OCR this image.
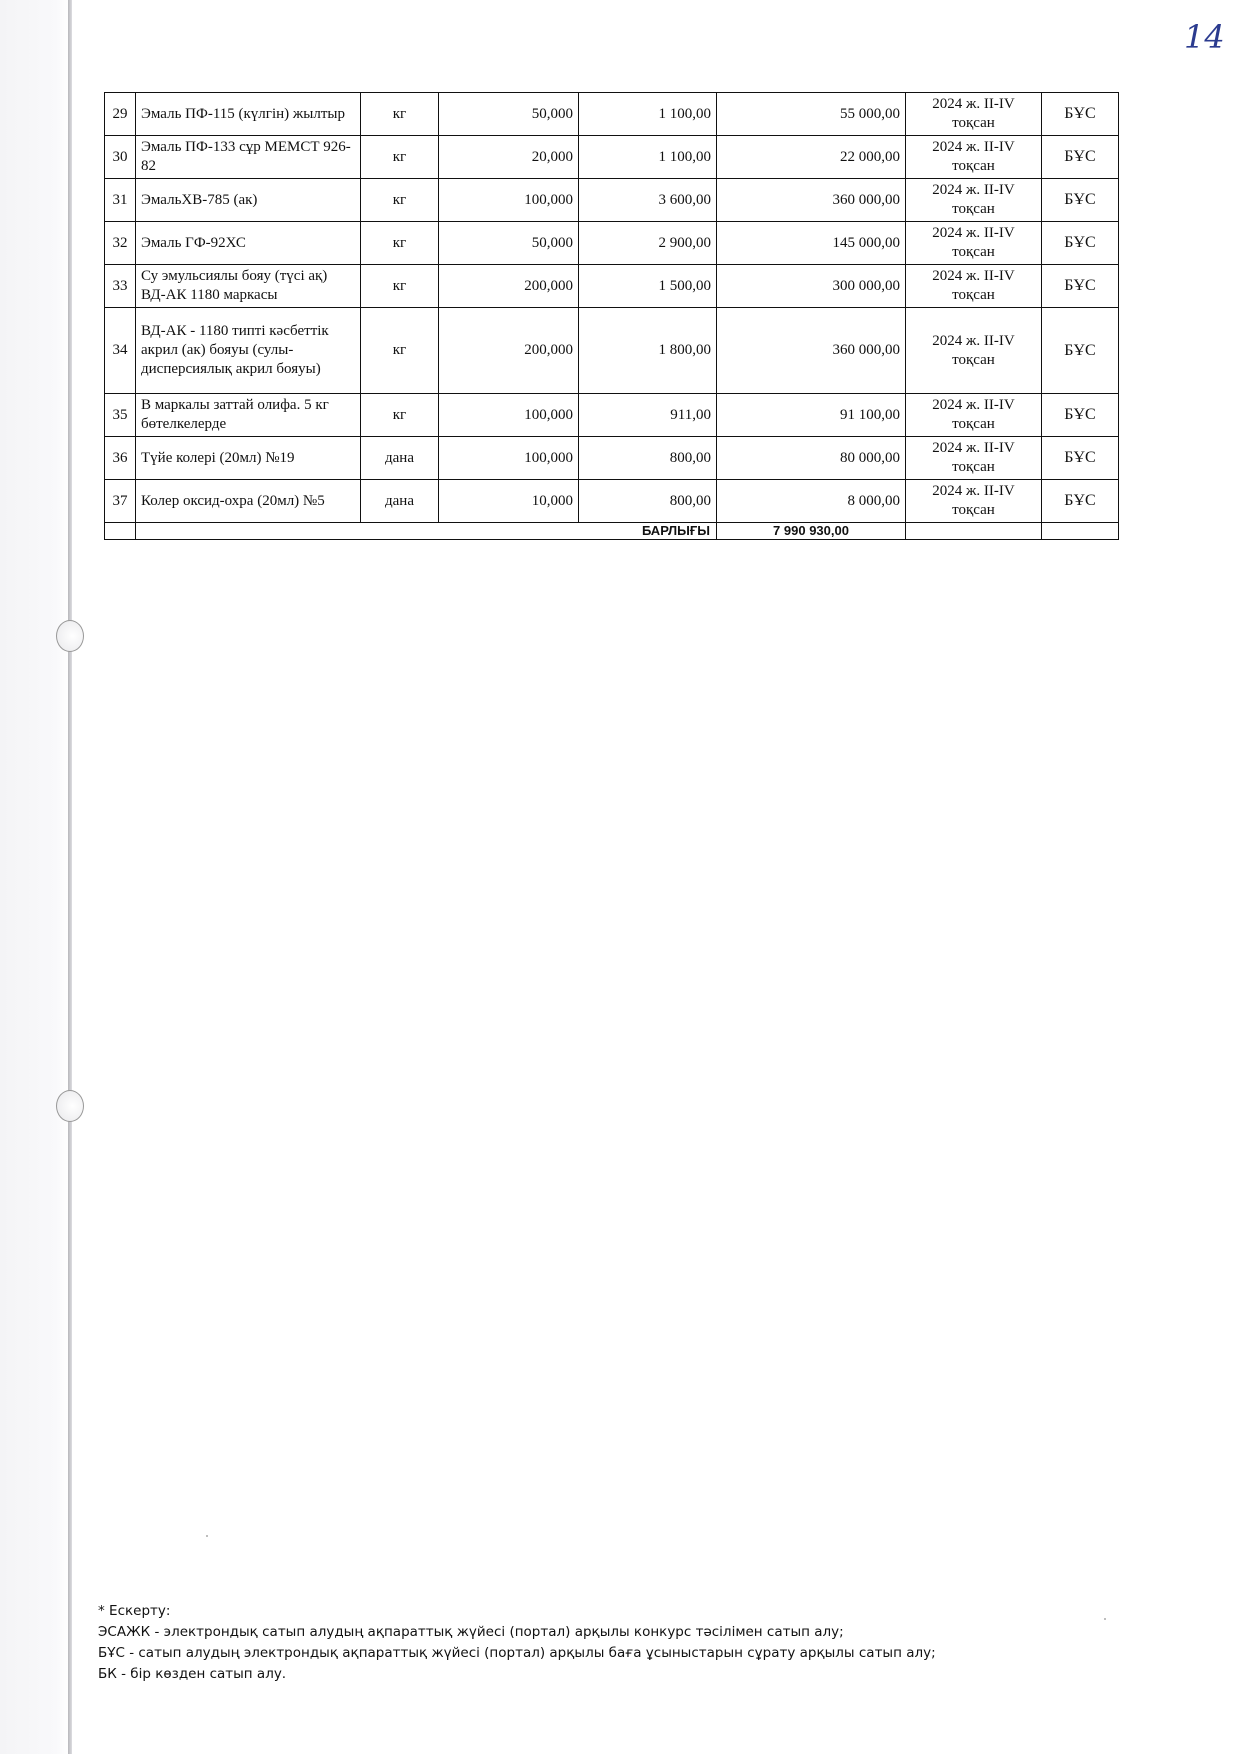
14
29	Эмаль ПФ-115 (күлгін) жылтыр	кг	50,000	1 100,00	55 000,00	2024 ж. II-IV тоқсан	БҰС
30	Эмаль ПФ-133 сұр МЕМСТ 926-82	кг	20,000	1 100,00	22 000,00	2024 ж. II-IV тоқсан	БҰС
31	ЭмальХВ-785 (ак)	кг	100,000	3 600,00	360 000,00	2024 ж. II-IV тоқсан	БҰС
32	Эмаль ГФ-92ХС	кг	50,000	2 900,00	145 000,00	2024 ж. II-IV тоқсан	БҰС
33	Су эмульсиялы бояу (түсі ақ) ВД-АК 1180 маркасы	кг	200,000	1 500,00	300 000,00	2024 ж. II-IV тоқсан	БҰС
34	ВД-АК - 1180 типті кәсбеттік акрил (ак) бояуы (сулы-дисперсиялық акрил бояуы)	кг	200,000	1 800,00	360 000,00	2024 ж. II-IV тоқсан	БҰС
35	В маркалы заттай олифа. 5 кг бөтелкелерде	кг	100,000	911,00	91 100,00	2024 ж. II-IV тоқсан	БҰС
36	Түйе колері (20мл) №19	дана	100,000	800,00	80 000,00	2024 ж. II-IV тоқсан	БҰС
37	Колер оксид-охра (20мл) №5	дана	10,000	800,00	8 000,00	2024 ж. II-IV тоқсан	БҰС
	БАРЛЫҒЫ				7 990 930,00		
* Ескерту:
ЭСАЖК - электрондық сатып алудың ақпараттық жүйесі (портал) арқылы конкурс тәсілімен сатып алу;
БҰС - сатып алудың электрондық ақпараттық жүйесі (портал) арқылы баға ұсыныстарын сұрату арқылы сатып алу;
БК - бір көзден сатып алу.
